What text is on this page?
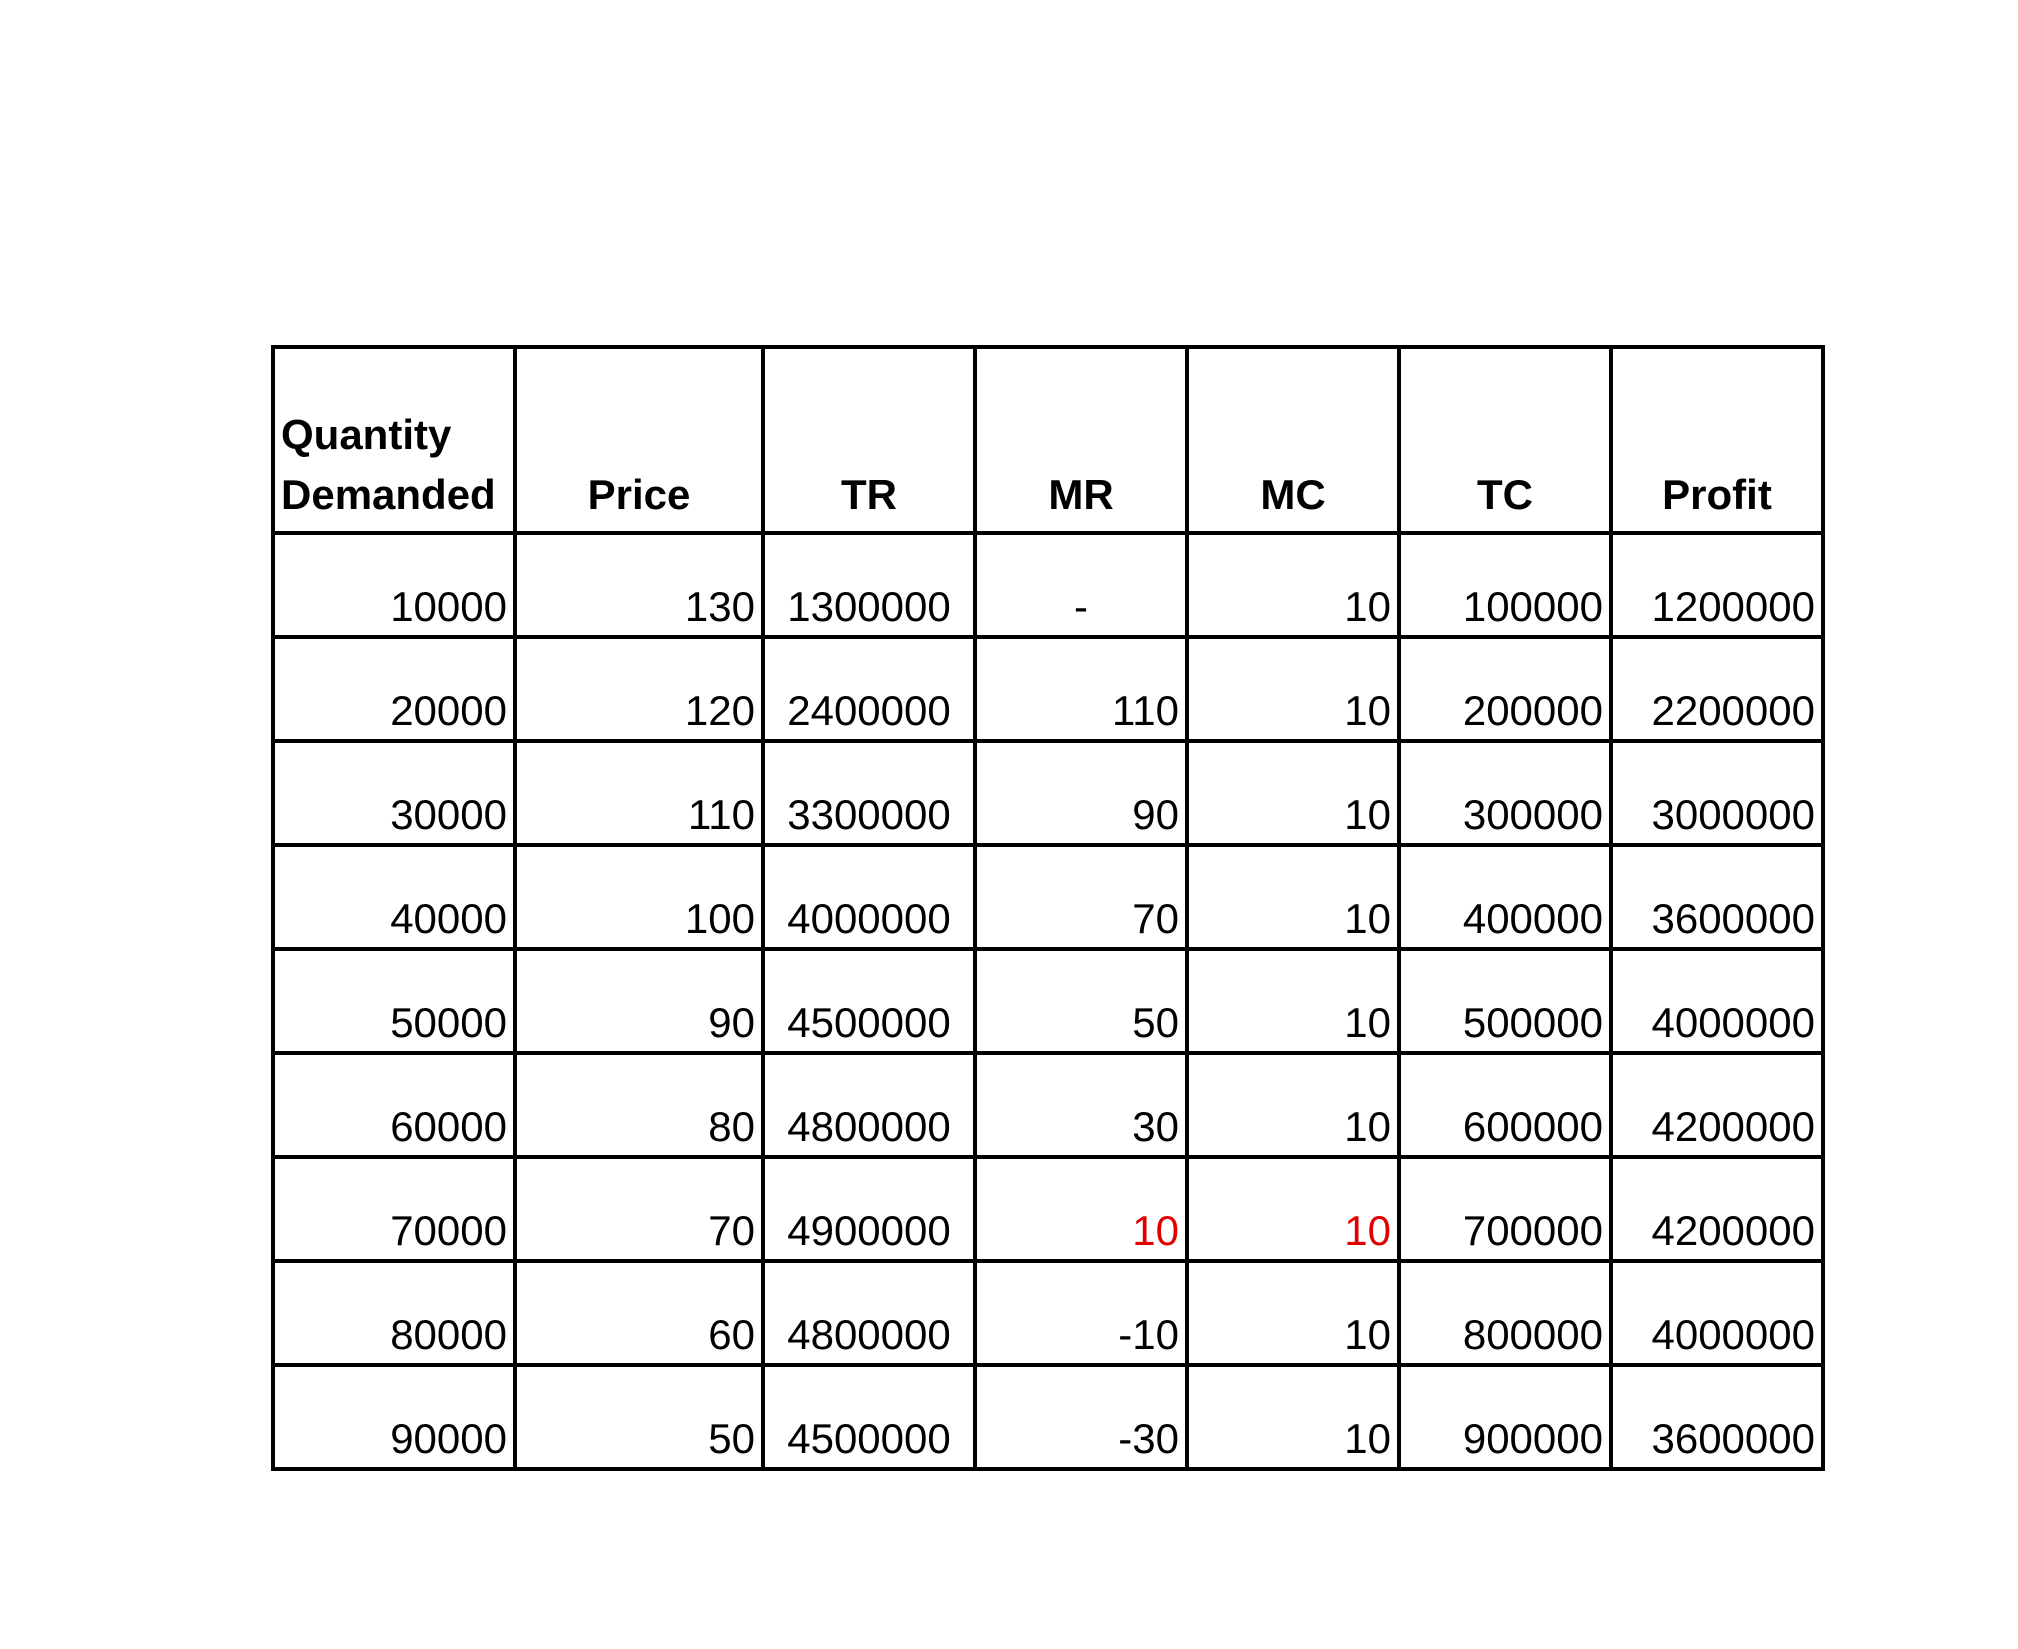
Quantity
Demanded	Price	TR	MR	MC	TC	Profit
10000	130	1300000	-	10	100000	1200000
20000	120	2400000	110	10	200000	2200000
30000	110	3300000	90	10	300000	3000000
40000	100	4000000	70	10	400000	3600000
50000	90	4500000	50	10	500000	4000000
60000	80	4800000	30	10	600000	4200000
70000	70	4900000	10	10	700000	4200000
80000	60	4800000	-10	10	800000	4000000
90000	50	4500000	-30	10	900000	3600000
